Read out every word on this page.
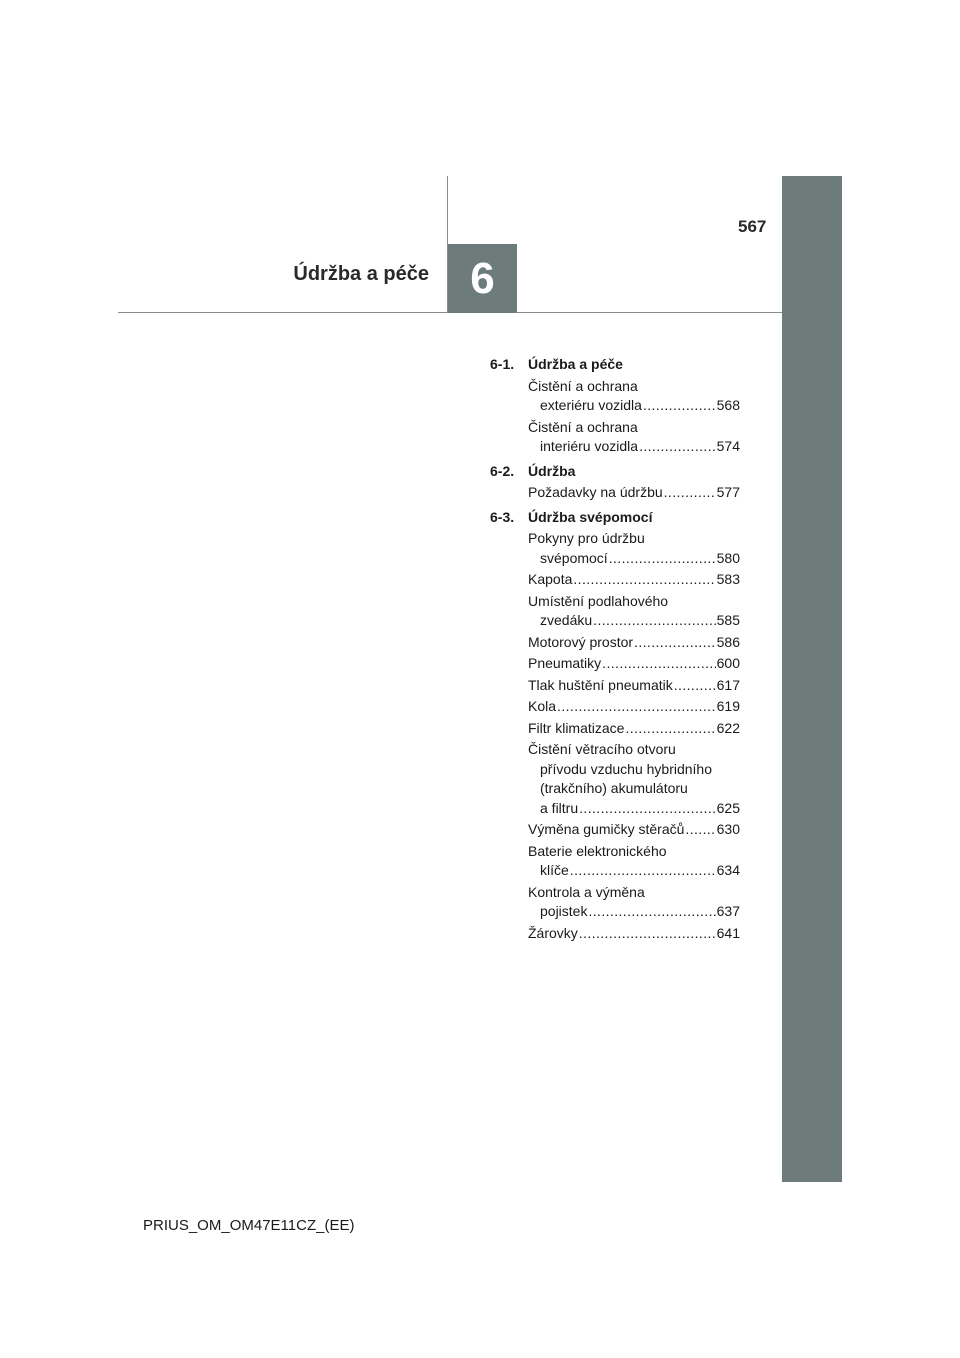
567
Údržba a péče 6
6-1. Údržba a péče
Čistění a ochrana
exteriéru vozidla .....	568
Čistění a ochrana
interiéru vozidla .....	574
6-2. Údržba
Požadavky na údržbu .....	577
6-3. Údržba svépomocí
Pokyny pro údržbu
svépomocí .....	580
Kapota .....	583
Umístění podlahového
zvedáku .....	585
Motorový prostor .....	586
Pneumatiky .....	600
Tlak huštění pneumatik .....	617
Kola .....	619
Filtr klimatizace .....	622
Čistění větracího otvoru
přívodu vzduchu hybridního
(trakčního) akumulátoru
a filtru .....	625
Výměna gumičky stěračů ..... 630
Baterie elektronického
klíče .....	634
Kontrola a výměna
pojistek .....	637
Žárovky .....	641
PRIUS_OM_OM47E11CZ_(EE)
